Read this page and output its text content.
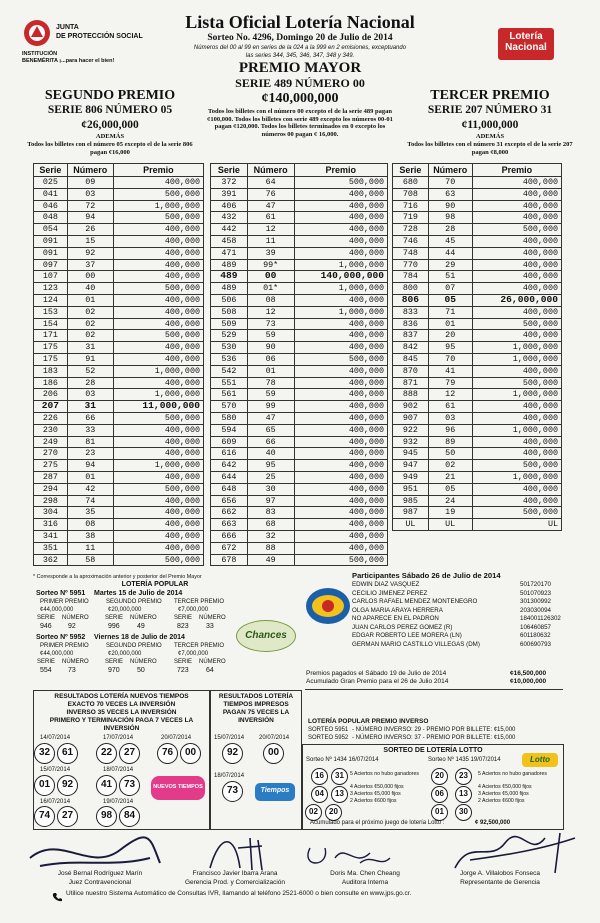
JUNTA
DE PROTECCIÓN SOCIAL
INSTITUCIÓN
BENEMÉRITA ¡...para hacer el bien!
Lista Oficial Lotería Nacional
Sorteo No. 4296, Domingo 20 de Julio de 2014
Números del 00 al 99 en series de la 024 a la 999 en 2 emisiones, exceptuando
las series 344, 345, 346, 347, 348 y 349.
Lotería
Nacional
PREMIO MAYOR
SERIE 489 NÚMERO 00
¢140,000,000
Todos los billetes con el número 00 excepto el de la serie 489 pagan ¢100,000. Todos los billetes con serie 489 excepto los números 00-01 pagan ¢120,000. Todos los billetes terminados en 0 excepto los números 00 pagan ¢ 16,000.
SEGUNDO PREMIO
SERIE 806 NÚMERO 05
¢26,000,000
ADEMÁS
Todos los billetes con el número 05 excepto el de la serie 806 pagan ¢16,000
TERCER PREMIO
SERIE 207 NÚMERO 31
¢11,000,000
ADEMÁS
Todos los billetes con el número 31 excepto el de la serie 207 pagan ¢8,000
Serie	Número	Premio
025	09	400,000
041	03	500,000
046	72	1,000,000
048	94	500,000
054	26	400,000
091	15	400,000
091	92	400,000
097	37	400,000
107	00	400,000
123	40	500,000
124	01	400,000
153	02	400,000
154	02	400,000
171	02	500,000
175	31	400,000
175	91	400,000
183	52	1,000,000
186	28	400,000
206	03	1,000,000
207	31	11,000,000
226	66	500,000
230	33	400,000
249	81	400,000
270	23	400,000
275	94	1,000,000
287	01	400,000
294	42	500,000
298	74	400,000
304	35	400,000
316	08	400,000
341	38	400,000
351	11	400,000
362	58	500,000
Serie	Número	Premio
372	64	500,000
391	76	400,000
406	47	400,000
432	61	400,000
442	12	400,000
458	11	400,000
471	39	400,000
489	99*	1,000,000
489	00	140,000,000
489	01*	1,000,000
506	08	400,000
508	12	1,000,000
509	73	400,000
529	59	400,000
530	90	400,000
536	06	500,000
542	01	400,000
551	78	400,000
561	59	400,000
570	99	400,000
580	47	400,000
594	65	400,000
609	66	400,000
616	40	400,000
642	95	400,000
644	25	400,000
648	30	400,000
656	97	400,000
662	83	400,000
663	68	400,000
666	32	400,000
672	88	400,000
678	49	500,000
Serie	Número	Premio
680	70	400,000
708	63	400,000
716	90	400,000
719	98	400,000
728	28	500,000
746	45	400,000
748	44	400,000
770	29	400,000
784	51	400,000
800	07	400,000
806	05	26,000,000
833	71	400,000
836	01	500,000
837	20	400,000
842	95	1,000,000
845	70	1,000,000
870	41	400,000
871	79	500,000
888	12	1,000,000
902	61	400,000
907	03	400,000
922	96	1,000,000
932	89	400,000
945	50	400,000
947	02	500,000
949	21	1,000,000
951	05	400,000
985	24	400,000
987	19	500,000
UL	UL	UL
* Corresponde a la aproximación anterior y posterior del Premio Mayor
LOTERÍA POPULAR
Sorteo Nº 5951 Martes 15 de Julio de 2014
PRIMER PREMIO	SEGUNDO PREMIO TERCER PREMIO
¢44,000,000	¢20,000,000	¢7,000,000
SERIE NÚMERO	SERIE NÚMERO	SERIE NÚMERO
946 92	996 49	823 33
Sorteo Nº 5952 Viernes 18 de Julio de 2014
PRIMER PREMIO	SEGUNDO PREMIO TERCER PREMIO
¢44,000,000	¢20,000,000	¢7,000,000
SERIE NÚMERO	SERIE NÚMERO	SERIE NÚMERO
554 73	970 50	723 64
Chances
Participantes Sábado 26 de Julio de 2014
EDWIN DIAZ VASQUEZ	501720170
CECILIO JIMENEZ PEREZ	501070923
CARLOS RAFAEL MENDEZ MONTENEGRO	301300992
OLGA MARIA ARAYA HERRERA	203030094
NO APARECE EN EL PADRON	184001126302
JUAN CARLOS PEREZ GOMEZ (R)	106460857
EDGAR ROBERTO LEE MORERA (LN)	601180632
GERMAN MARIO CASTILLO VILLEGAS (DM)	600690793
Premios pagados el Sábado 19 de Julio de 2014	¢16,500,000
Acumulado Gran Premio para el 26 de Julio 2014	¢10,000,000
RESULTADOS LOTERÍA NUEVOS TIEMPOS
EXACTO 70 VECES LA INVERSIÓN
INVERSO 35 VECES LA INVERSIÓN
PRIMERO Y TERMINACIÓN PAGA 7 VECES LA
INVERSIÓN
14/07/2014	17/07/2014	20/07/2014
32	61	22	27	76	00
15/07/2014	18/07/2014
01	92	41	73	NUEVOS TIEMPOS
16/07/2014	19/07/2014
74	27	98	84
RESULTADOS LOTERÍA
TIEMPOS IMPRESOS
PAGAN 75 VECES LA
INVERSIÓN
15/07/2014 20/07/2014
92	00
18/07/2014
73	Tiempos
LOTERÍA POPULAR PREMIO INVERSO
SORTEO 5951 - NÚMERO INVERSO: 29 - PREMIO POR BILLETE: ¢15,000
SORTEO 5952 - NÚMERO INVERSO: 37 - PREMIO POR BILLETE: ¢15,000
SORTEO DE LOTERÍA LOTTO
Sorteo Nº 1434 16/07/2014	Sorteo Nº 1435 19/07/2014	Lotto
16	31
04	13
02	20
5 Aciertos no hubo ganadores
4 Aciertos ¢50,000 fijos
3 Aciertos ¢5,000 fijos
2 Aciertos ¢600 fijos
20	23
06	13
01	30
5 Aciertos no hubo ganadores
4 Aciertos ¢50,000 fijos
3 Aciertos ¢5,000 fijos
2 Aciertos ¢600 fijos
Acumulado para el próximo juego de lotería Lotto :	¢ 92,500,000
José Bernal Rodríguez Marín
Juez Contravencional
Francisco Javier Ibarra Arana
Gerencia Prod. y Comercialización
Doris Ma. Chen Cheang
Auditora Interna
Jorge A. Villalobos Fonseca
Representante de Gerencia
Utilice nuestro Sistema Automático de Consultas IVR, llamando al teléfono 2521-6000 o bien consulte en www.jps.go.cr.
